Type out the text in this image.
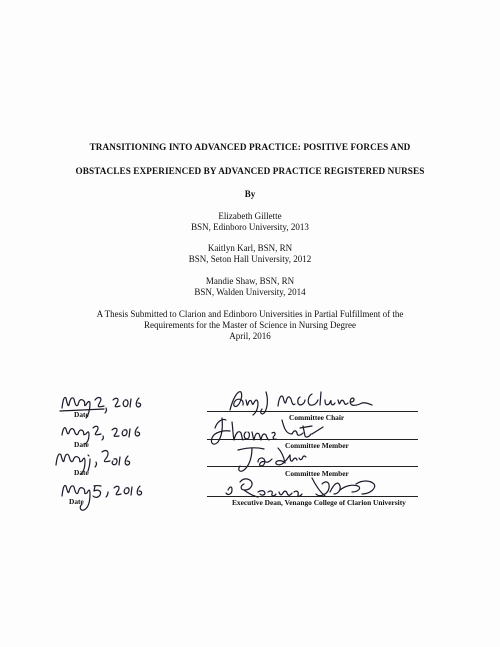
TRANSITIONING INTO ADVANCED PRACTICE: POSITIVE FORCES AND
OBSTACLES EXPERIENCED BY ADVANCED PRACTICE REGISTERED NURSES
By
Elizabeth Gillette
BSN, Edinboro University, 2013
Kaitlyn Karl, BSN, RN
BSN, Seton Hall University, 2012
Mandie Shaw, BSN, RN
BSN, Walden University, 2014
A Thesis Submitted to Clarion and Edinboro Universities in Partial Fulfillment of the
Requirements for the Master of Science in Nursing Degree
April, 2016
Date	Committee Chair
Date	Committee Member
Date	Committee Member
Date	Executive Dean, Venango College of Clarion University
